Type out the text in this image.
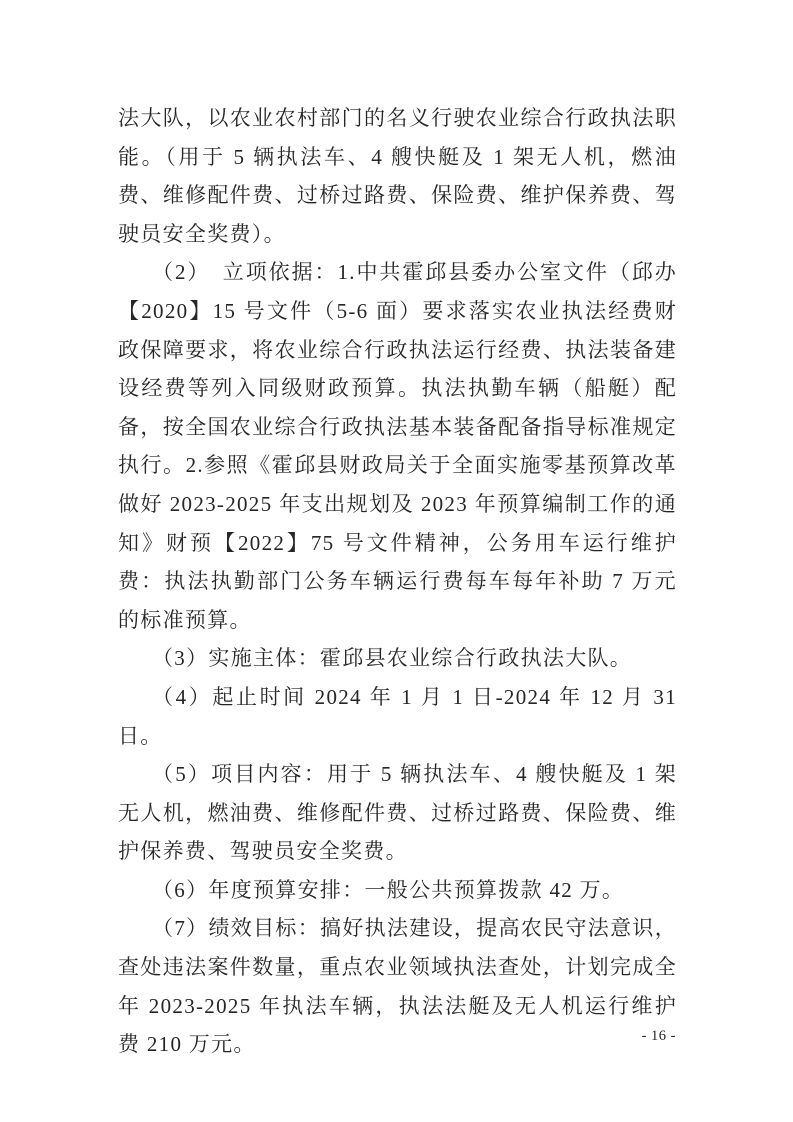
法大队，以农业农村部门的名义行驶农业综合行政执法职能。（用于 5 辆执法车、4 艘快艇及 1 架无人机，燃油费、维修配件费、过桥过路费、保险费、维护保养费、驾驶员安全奖费）。

（2）　立项依据：1.中共霍邱县委办公室文件（邱办【2020】15 号文件（5-6 面）要求落实农业执法经费财政保障要求，将农业综合行政执法运行经费、执法装备建设经费等列入同级财政预算。执法执勤车辆（船艇）配备，按全国农业综合行政执法基本装备配备指导标准规定执行。2.参照《霍邱县财政局关于全面实施零基预算改革做好 2023-2025 年支出规划及 2023 年预算编制工作的通知》财预【2022】75 号文件精神，公务用车运行维护费：执法执勤部门公务车辆运行费每车每年补助 7 万元的标准预算。

（3）实施主体：霍邱县农业综合行政执法大队。

（4）起止时间 2024 年 1 月 1 日-2024 年 12 月 31 日。

（5）项目内容：用于 5 辆执法车、4 艘快艇及 1 架无人机，燃油费、维修配件费、过桥过路费、保险费、维护保养费、驾驶员安全奖费。

（6）年度预算安排：一般公共预算拨款 42 万。

（7）绩效目标：搞好执法建设，提高农民守法意识，查处违法案件数量，重点农业领域执法查处，计划完成全年 2023-2025 年执法车辆，执法法艇及无人机运行维护费 210 万元。	- 16 -
